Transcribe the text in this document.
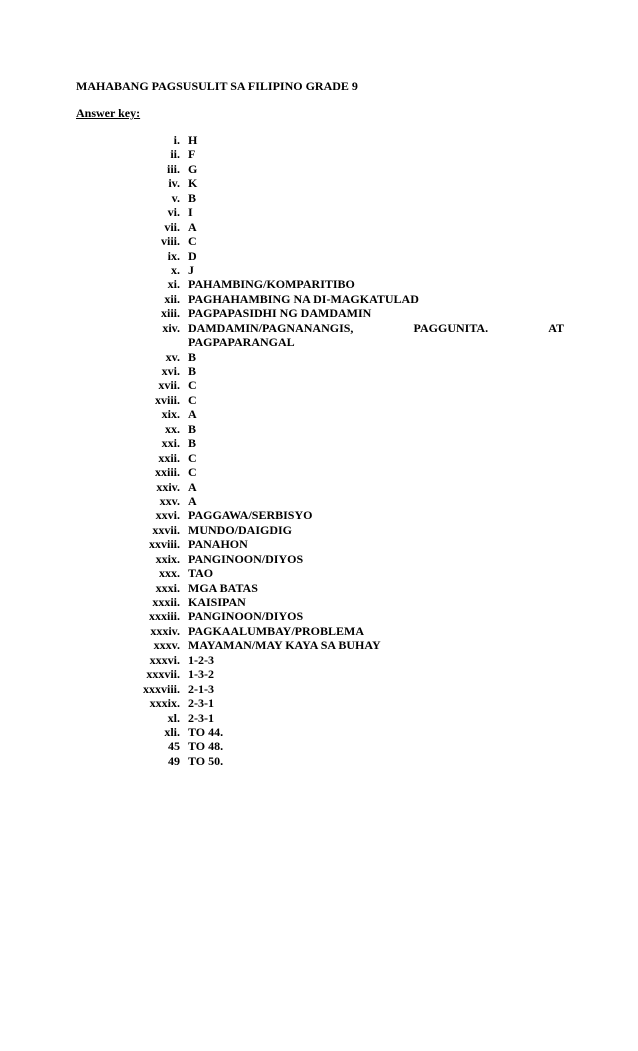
MAHABANG PAGSUSULIT SA FILIPINO GRADE 9
Answer key:
i. H
ii. F
iii. G
iv. K
v. B
vi. I
vii. A
viii. C
ix. D
x. J
xi. PAHAMBING/KOMPARITIBO
xii. PAGHAHAMBING NA DI-MAGKATULAD
xiii. PAGPAPASIDHI NG DAMDAMIN
xiv. DAMDAMIN/PAGNANANGIS,	PAGGUNITA.	AT
PAGPAPARANGAL
xv. B
xvi. B
xvii. C
xviii. C
xix. A
xx. B
xxi. B
xxii. C
xxiii. C
xxiv. A
xxv. A
xxvi. PAGGAWA/SERBISYO
xxvii. MUNDO/DAIGDIG
xxviii. PANAHON
xxix. PANGINOON/DIYOS
xxx. TAO
xxxi. MGA BATAS
xxxii. KAISIPAN
xxxiii. PANGINOON/DIYOS
xxxiv. PAGKAALUMBAY/PROBLEMA
xxxv. MAYAMAN/MAY KAYA SA BUHAY
xxxvi. 1-2-3
xxxvii. 1-3-2
xxxviii. 2-1-3
xxxix. 2-3-1
xl. 2-3-1
xli. TO 44.
45 TO 48.
49 TO 50.
